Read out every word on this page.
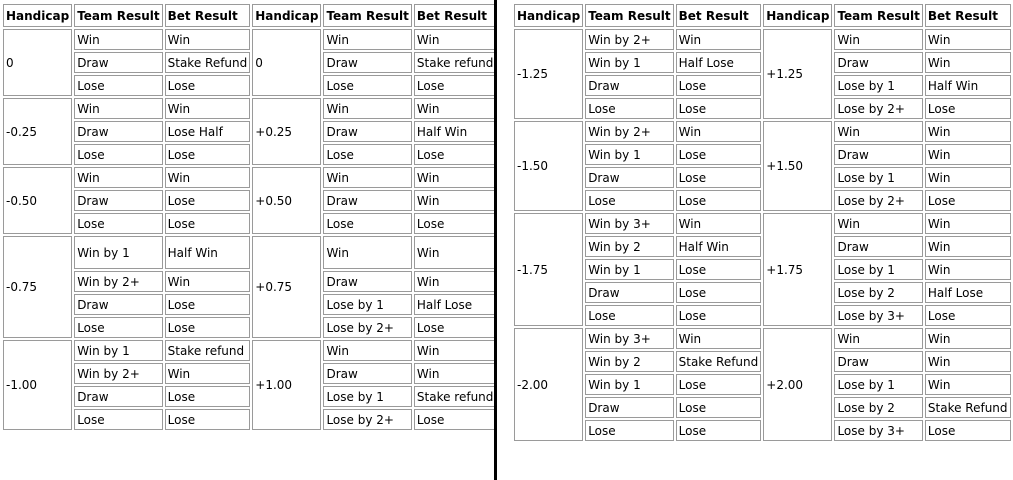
Handicap	Team Result	Bet Result	Handicap	Team Result	Bet Result
0	Win	Win	0	Win	Win
	Draw	Stake Refund		Draw	Stake refund
	Lose	Lose		Lose	Lose
-0.25	Win	Win	+0.25	Win	Win
	Draw	Lose Half		Draw	Half Win
	Lose	Lose		Lose	Lose
-0.50	Win	Win	+0.50	Win	Win
	Draw	Lose		Draw	Win
	Lose	Lose		Lose	Lose
-0.75	Win by 1	Half Win	+0.75	Win	Win
	Win by 2+	Win		Draw	Win
	Draw	Lose		Lose by 1	Half Lose
	Lose	Lose		Lose by 2+	Lose
-1.00	Win by 1	Stake refund	+1.00	Win	Win
	Win by 2+	Win		Draw	Win
	Draw	Lose		Lose by 1	Stake refund
	Lose	Lose		Lose by 2+	Lose
Handicap	Team Result	Bet Result	Handicap	Team Result	Bet Result
-1.25	Win by 2+	Win	+1.25	Win	Win
	Win by 1	Half Lose		Draw	Win
	Draw	Lose		Lose by 1	Half Win
	Lose	Lose		Lose by 2+	Lose
-1.50	Win by 2+	Win	+1.50	Win	Win
	Win by 1	Lose		Draw	Win
	Draw	Lose		Lose by 1	Win
	Lose	Lose		Lose by 2+	Lose
-1.75	Win by 3+	Win	+1.75	Win	Win
	Win by 2	Half Win		Draw	Win
	Win by 1	Lose		Lose by 1	Win
	Draw	Lose		Lose by 2	Half Lose
	Lose	Lose		Lose by 3+	Lose
-2.00	Win by 3+	Win	+2.00	Win	Win
	Win by 2	Stake Refund		Draw	Win
	Win by 1	Lose		Lose by 1	Win
	Draw	Lose		Lose by 2	Stake Refund
	Lose	Lose		Lose by 3+	Lose
